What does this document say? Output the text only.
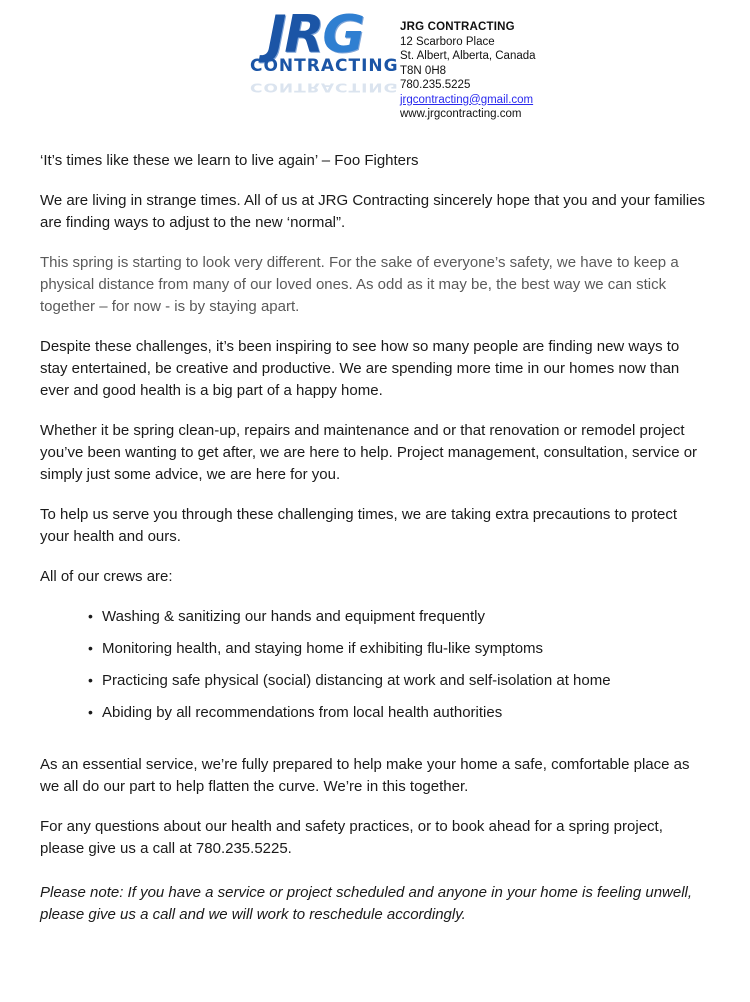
JRG
CONTRACTING
CONTRACTING
JRG CONTRACTING
12 Scarboro Place
St. Albert, Alberta, Canada
T8N 0H8
780.235.5225
jrgcontracting@gmail.com
www.jrgcontracting.com

‘It’s times like these we learn to live again’ – Foo Fighters

We are living in strange times. All of us at JRG Contracting sincerely hope that you and your families are finding ways to adjust to the new ‘normal”.

This spring is starting to look very different. For the sake of everyone’s safety, we have to keep a physical distance from many of our loved ones. As odd as it may be, the best way we can stick together – for now - is by staying apart.

Despite these challenges, it’s been inspiring to see how so many people are finding new ways to stay entertained, be creative and productive. We are spending more time in our homes now than ever and good health is a big part of a happy home.

Whether it be spring clean-up, repairs and maintenance and or that renovation or remodel project you’ve been wanting to get after, we are here to help. Project management, consultation, service or simply just some advice, we are here for you.

To help us serve you through these challenging times, we are taking extra precautions to protect your health and ours.

All of our crews are:

• Washing & sanitizing our hands and equipment frequently
• Monitoring health, and staying home if exhibiting flu-like symptoms
• Practicing safe physical (social) distancing at work and self-isolation at home
• Abiding by all recommendations from local health authorities

As an essential service, we’re fully prepared to help make your home a safe, comfortable place as we all do our part to help flatten the curve. We’re in this together.

For any questions about our health and safety practices, or to book ahead for a spring project, please give us a call at 780.235.5225.

Please note: If you have a service or project scheduled and anyone in your home is feeling unwell, please give us a call and we will work to reschedule accordingly.
